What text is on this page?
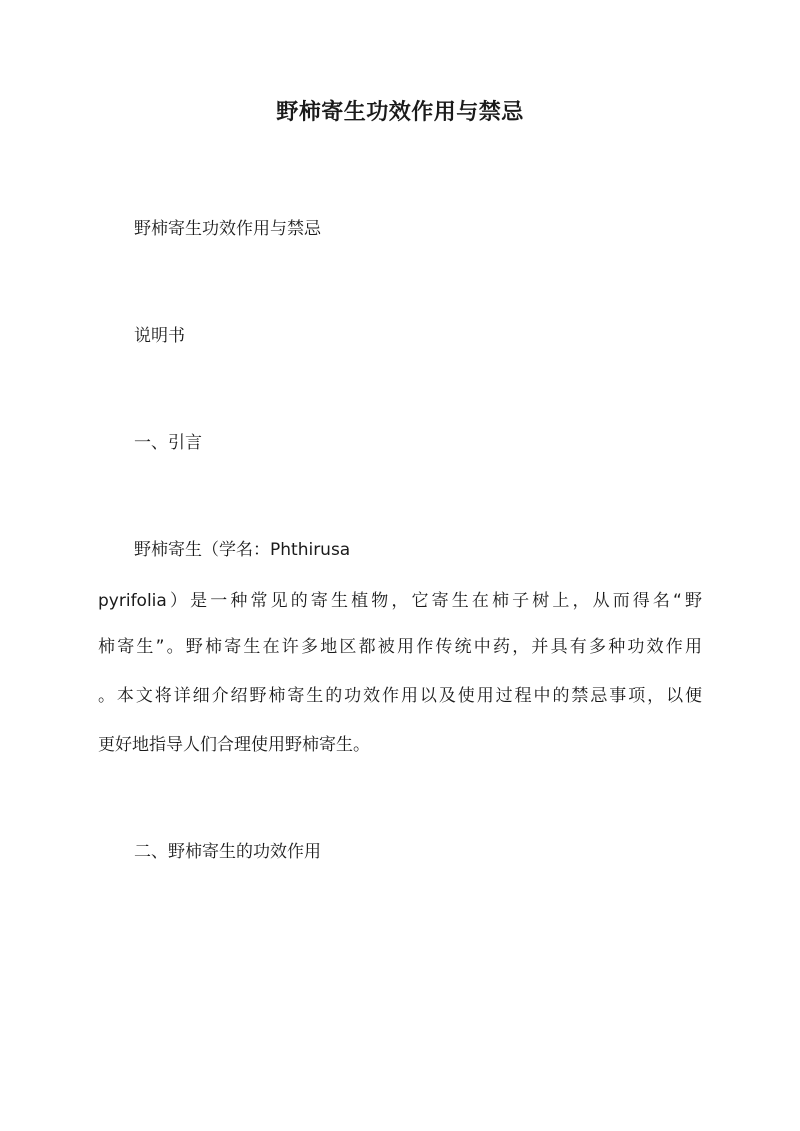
野柿寄生功效作用与禁忌
野柿寄生功效作用与禁忌
说明书
一、引言
野柿寄生（学名：Phthirusa
pyrifolia）是一种常见的寄生植物，它寄生在柿子树上，从而得名“野
柿寄生”。野柿寄生在许多地区都被用作传统中药，并具有多种功效作用
。本文将详细介绍野柿寄生的功效作用以及使用过程中的禁忌事项，以便
更好地指导人们合理使用野柿寄生。
二、野柿寄生的功效作用
